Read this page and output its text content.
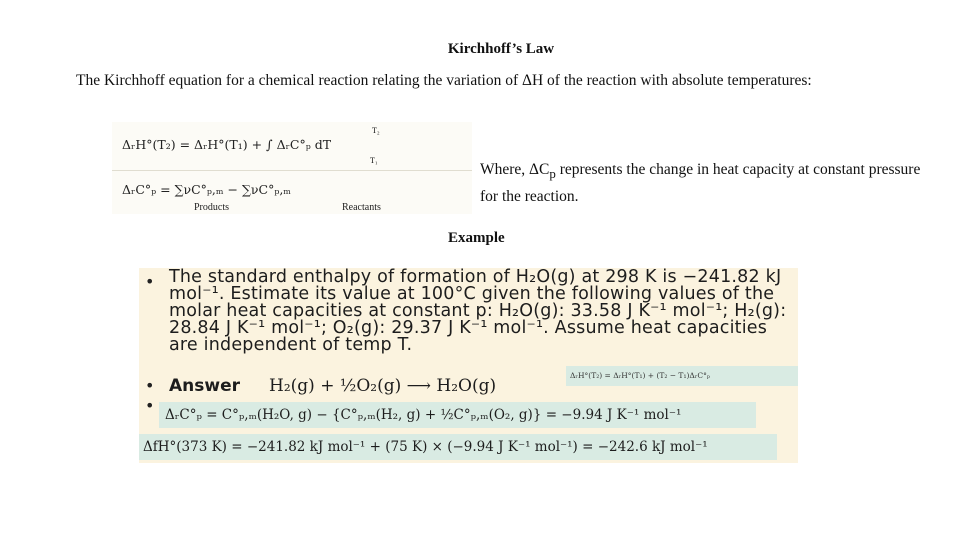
Kirchhoff’s Law
The Kirchhoff equation for a chemical reaction relating the variation of ΔH of the reaction with absolute temperatures:
ΔᵣH°(T₂) = ΔᵣH°(T₁) + ∫ ΔᵣC°ₚ dT
T₂
T₁
ΔᵣC°ₚ = ∑νC°ₚ,ₘ − ∑νC°ₚ,ₘ
Products	Reactants
Where, $\Delta C_p$ represents the change in heat capacity at constant pressure for the reaction.
Example
• The standard enthalpy of formation of H₂O(g) at 298 K is −241.82 kJ mol⁻¹. Estimate its value at 100°C given the following values of the molar heat capacities at constant p: H₂O(g): 33.58 J K⁻¹ mol⁻¹; H₂(g): 28.84 J K⁻¹ mol⁻¹; O₂(g): 29.37 J K⁻¹ mol⁻¹. Assume heat capacities are independent of temp T.
• Answer H₂(g) + ½O₂(g) ⟶ H₂O(g)
ΔᵣH°(T₂) = ΔᵣH°(T₁) + (T₂ − T₁)ΔᵣC°ₚ
• ΔᵣC°ₚ = C°ₚ,ₘ(H₂O, g) − {C°ₚ,ₘ(H₂, g) + ½C°ₚ,ₘ(O₂, g)} = −9.94 J K⁻¹ mol⁻¹
ΔfH°(373 K) = −241.82 kJ mol⁻¹ + (75 K) × (−9.94 J K⁻¹ mol⁻¹) = −242.6 kJ mol⁻¹
